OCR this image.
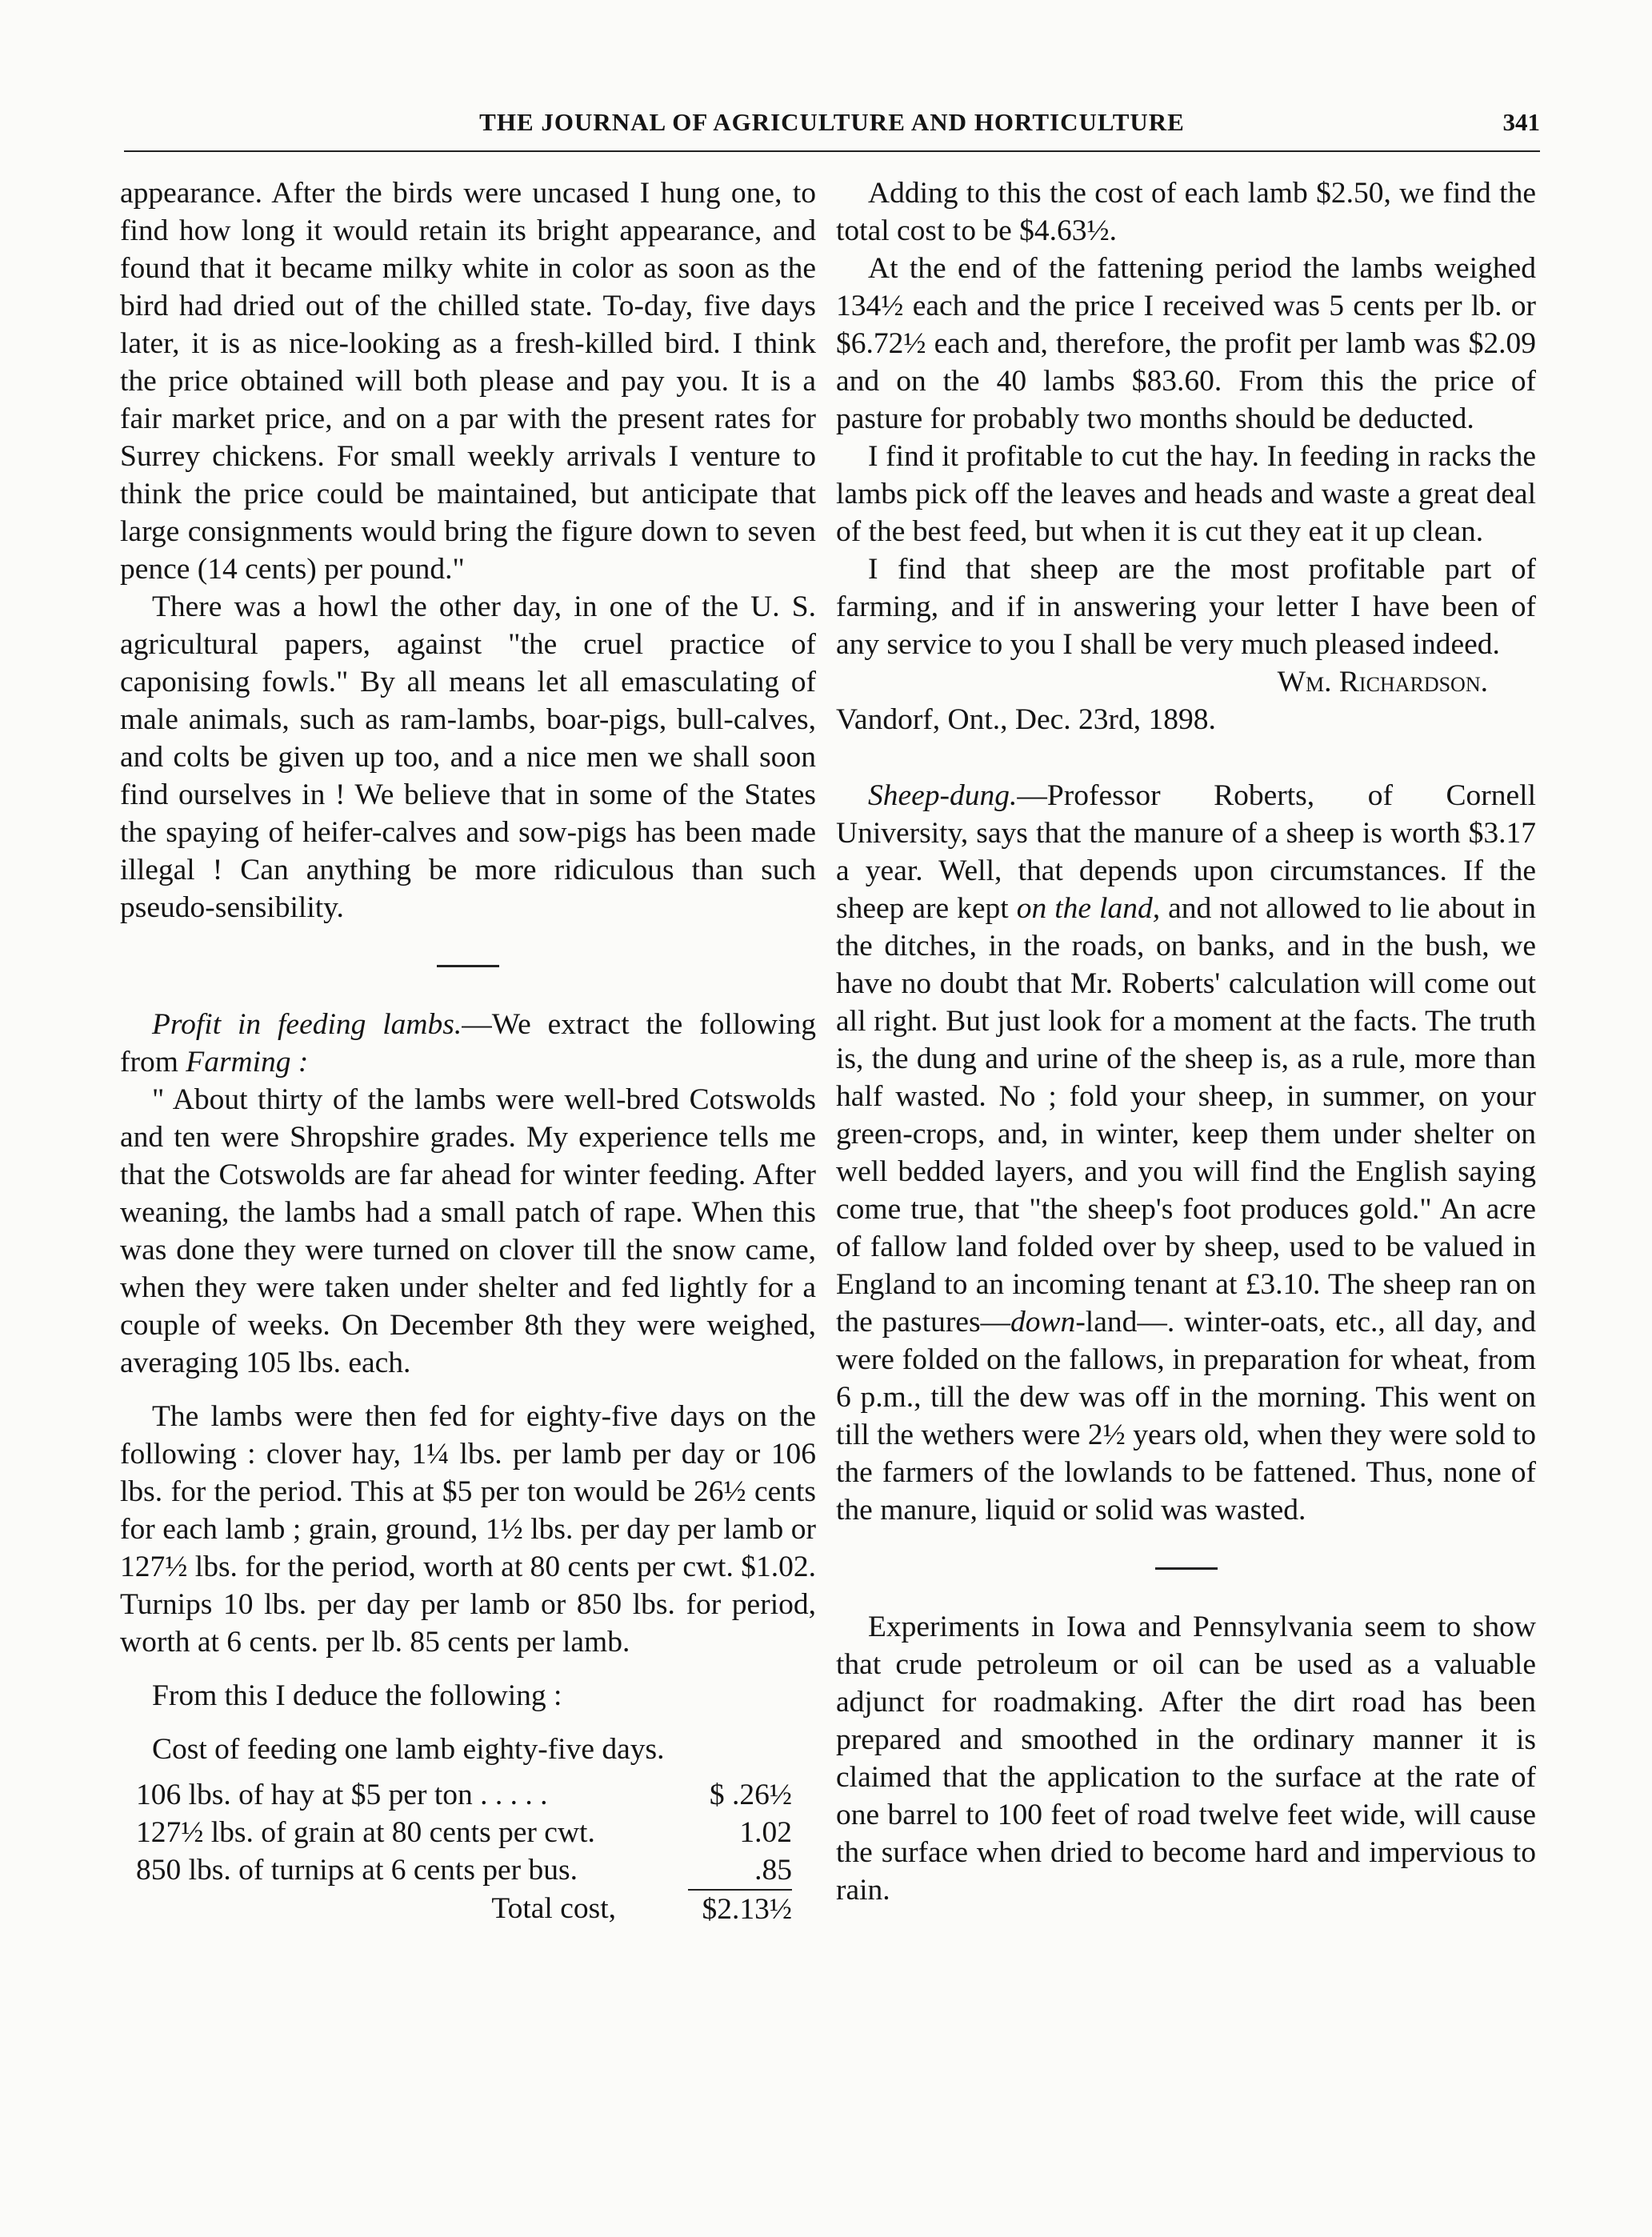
THE JOURNAL OF AGRICULTURE AND HORTICULTURE	341

appearance. After the birds were uncased I hung one, to find how long it would retain its bright appearance, and found that it became milky white in color as soon as the bird had dried out of the chilled state. To-day, five days later, it is as nice-looking as a fresh-killed bird. I think the price obtained will both please and pay you. It is a fair market price, and on a par with the present rates for Surrey chickens. For small weekly arrivals I venture to think the price could be maintained, but anticipate that large consignments would bring the figure down to seven pence (14 cents) per pound."

There was a howl the other day, in one of the U. S. agricultural papers, against "the cruel practice of caponising fowls." By all means let all emasculating of male animals, such as ram-lambs, boar-pigs, bull-calves, and colts be given up too, and a nice men we shall soon find ourselves in ! We believe that in some of the States the spaying of heifer-calves and sow-pigs has been made illegal ! Can anything be more ridiculous than such pseudo-sensibility.

Profit in feeding lambs.—We extract the following from Farming :

" About thirty of the lambs were well-bred Cotswolds and ten were Shropshire grades. My experience tells me that the Cotswolds are far ahead for winter feeding. After weaning, the lambs had a small patch of rape. When this was done they were turned on clover till the snow came, when they were taken under shelter and fed lightly for a couple of weeks. On December 8th they were weighed, averaging 105 lbs. each.

The lambs were then fed for eighty-five days on the following : clover hay, 1¼ lbs. per lamb per day or 106 lbs. for the period. This at $5 per ton would be 26½ cents for each lamb ; grain, ground, 1½ lbs. per day per lamb or 127½ lbs. for the period, worth at 80 cents per cwt. $1.02. Turnips 10 lbs. per day per lamb or 850 lbs. for period, worth at 6 cents. per lb. 85 cents per lamb.

From this I deduce the following :

Cost of feeding one lamb eighty-five days.

106 lbs. of hay at $5 per ton . . . . .	$ .26½
127½ lbs. of grain at 80 cents per cwt.	1.02
850 lbs. of turnips at 6 cents per bus.	.85
Total cost,	$2.13½

Adding to this the cost of each lamb $2.50, we find the total cost to be $4.63½.

At the end of the fattening period the lambs weighed 134½ each and the price I received was 5 cents per lb. or $6.72½ each and, therefore, the profit per lamb was $2.09 and on the 40 lambs $83.60. From this the price of pasture for probably two months should be deducted.

I find it profitable to cut the hay. In feeding in racks the lambs pick off the leaves and heads and waste a great deal of the best feed, but when it is cut they eat it up clean.

I find that sheep are the most profitable part of farming, and if in answering your letter I have been of any service to you I shall be very much pleased indeed.

Wm. Richardson.

Vandorf, Ont., Dec. 23rd, 1898.

Sheep-dung.—Professor Roberts, of Cornell University, says that the manure of a sheep is worth $3.17 a year. Well, that depends upon circumstances. If the sheep are kept on the land, and not allowed to lie about in the ditches, in the roads, on banks, and in the bush, we have no doubt that Mr. Roberts' calculation will come out all right. But just look for a moment at the facts. The truth is, the dung and urine of the sheep is, as a rule, more than half wasted. No ; fold your sheep, in summer, on your green-crops, and, in winter, keep them under shelter on well bedded layers, and you will find the English saying come true, that "the sheep's foot produces gold." An acre of fallow land folded over by sheep, used to be valued in England to an incoming tenant at £3.10. The sheep ran on the pastures—down-land—. winter-oats, etc., all day, and were folded on the fallows, in preparation for wheat, from 6 p.m., till the dew was off in the morning. This went on till the wethers were 2½ years old, when they were sold to the farmers of the lowlands to be fattened. Thus, none of the manure, liquid or solid was wasted.

Experiments in Iowa and Pennsylvania seem to show that crude petroleum or oil can be used as a valuable adjunct for roadmaking. After the dirt road has been prepared and smoothed in the ordinary manner it is claimed that the application to the surface at the rate of one barrel to 100 feet of road twelve feet wide, will cause the surface when dried to become hard and impervious to rain.
